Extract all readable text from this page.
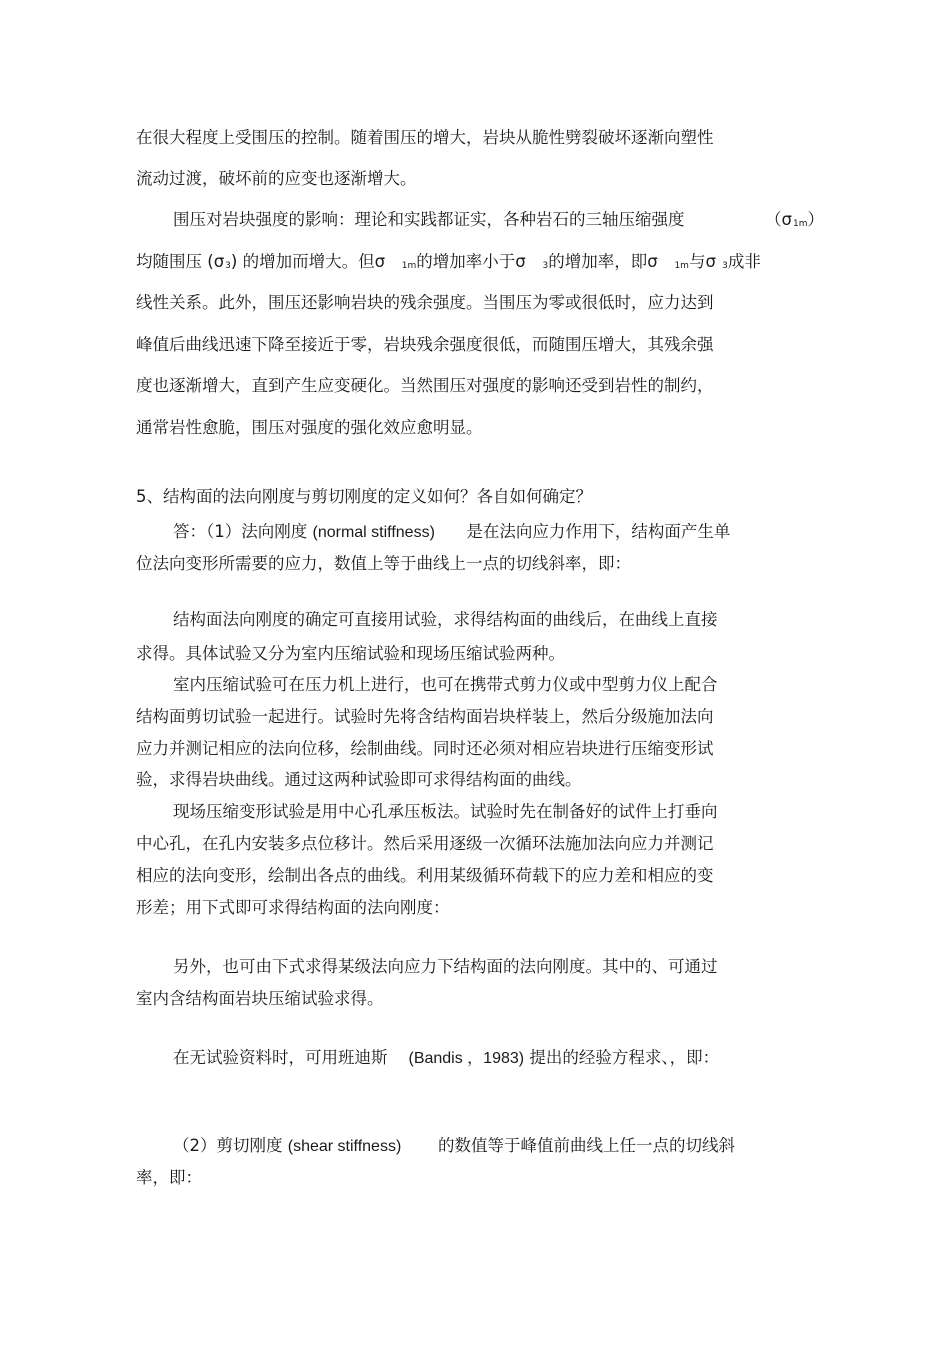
在很大程度上受围压的控制。随着围压的增大，岩块从脆性劈裂破坏逐渐向塑性

流动过渡，破坏前的应变也逐渐增大。

围压对岩块强度的影响：理论和实践都证实，各种岩石的三轴压缩强度	（σ1m）

均随围压 (σ3) 的增加而增大。但σ 1m的增加率小于σ 3的增加率，即σ 1m与σ 3成非

线性关系。此外，围压还影响岩块的残余强度。当围压为零或很低时，应力达到

峰值后曲线迅速下降至接近于零，岩块残余强度很低，而随围压增大，其残余强

度也逐渐增大，直到产生应变硬化。当然围压对强度的影响还受到岩性的制约，

通常岩性愈脆，围压对强度的强化效应愈明显。

5、结构面的法向刚度与剪切刚度的定义如何？各自如何确定？

答：（1）法向刚度 (normal stiffness) 是在法向应力作用下，结构面产生单

位法向变形所需要的应力，数值上等于曲线上一点的切线斜率，即：

结构面法向刚度的确定可直接用试验，求得结构面的曲线后，在曲线上直接

求得。具体试验又分为室内压缩试验和现场压缩试验两种。

室内压缩试验可在压力机上进行，也可在携带式剪力仪或中型剪力仪上配合

结构面剪切试验一起进行。试验时先将含结构面岩块样装上，然后分级施加法向

应力并测记相应的法向位移，绘制曲线。同时还必须对相应岩块进行压缩变形试

验，求得岩块曲线。通过这两种试验即可求得结构面的曲线。

现场压缩变形试验是用中心孔承压板法。试验时先在制备好的试件上打垂向

中心孔，在孔内安装多点位移计。然后采用逐级一次循环法施加法向应力并测记

相应的法向变形，绘制出各点的曲线。利用某级循环荷载下的应力差和相应的变

形差；用下式即可求得结构面的法向刚度：

另外，也可由下式求得某级法向应力下结构面的法向刚度。其中的、可通过

室内含结构面岩块压缩试验求得。

在无试验资料时，可用班迪斯 (Bandis ，1983) 提出的经验方程求、，即：

（2）剪切刚度 (shear stiffness) 的数值等于峰值前曲线上任一点的切线斜

率，即：
